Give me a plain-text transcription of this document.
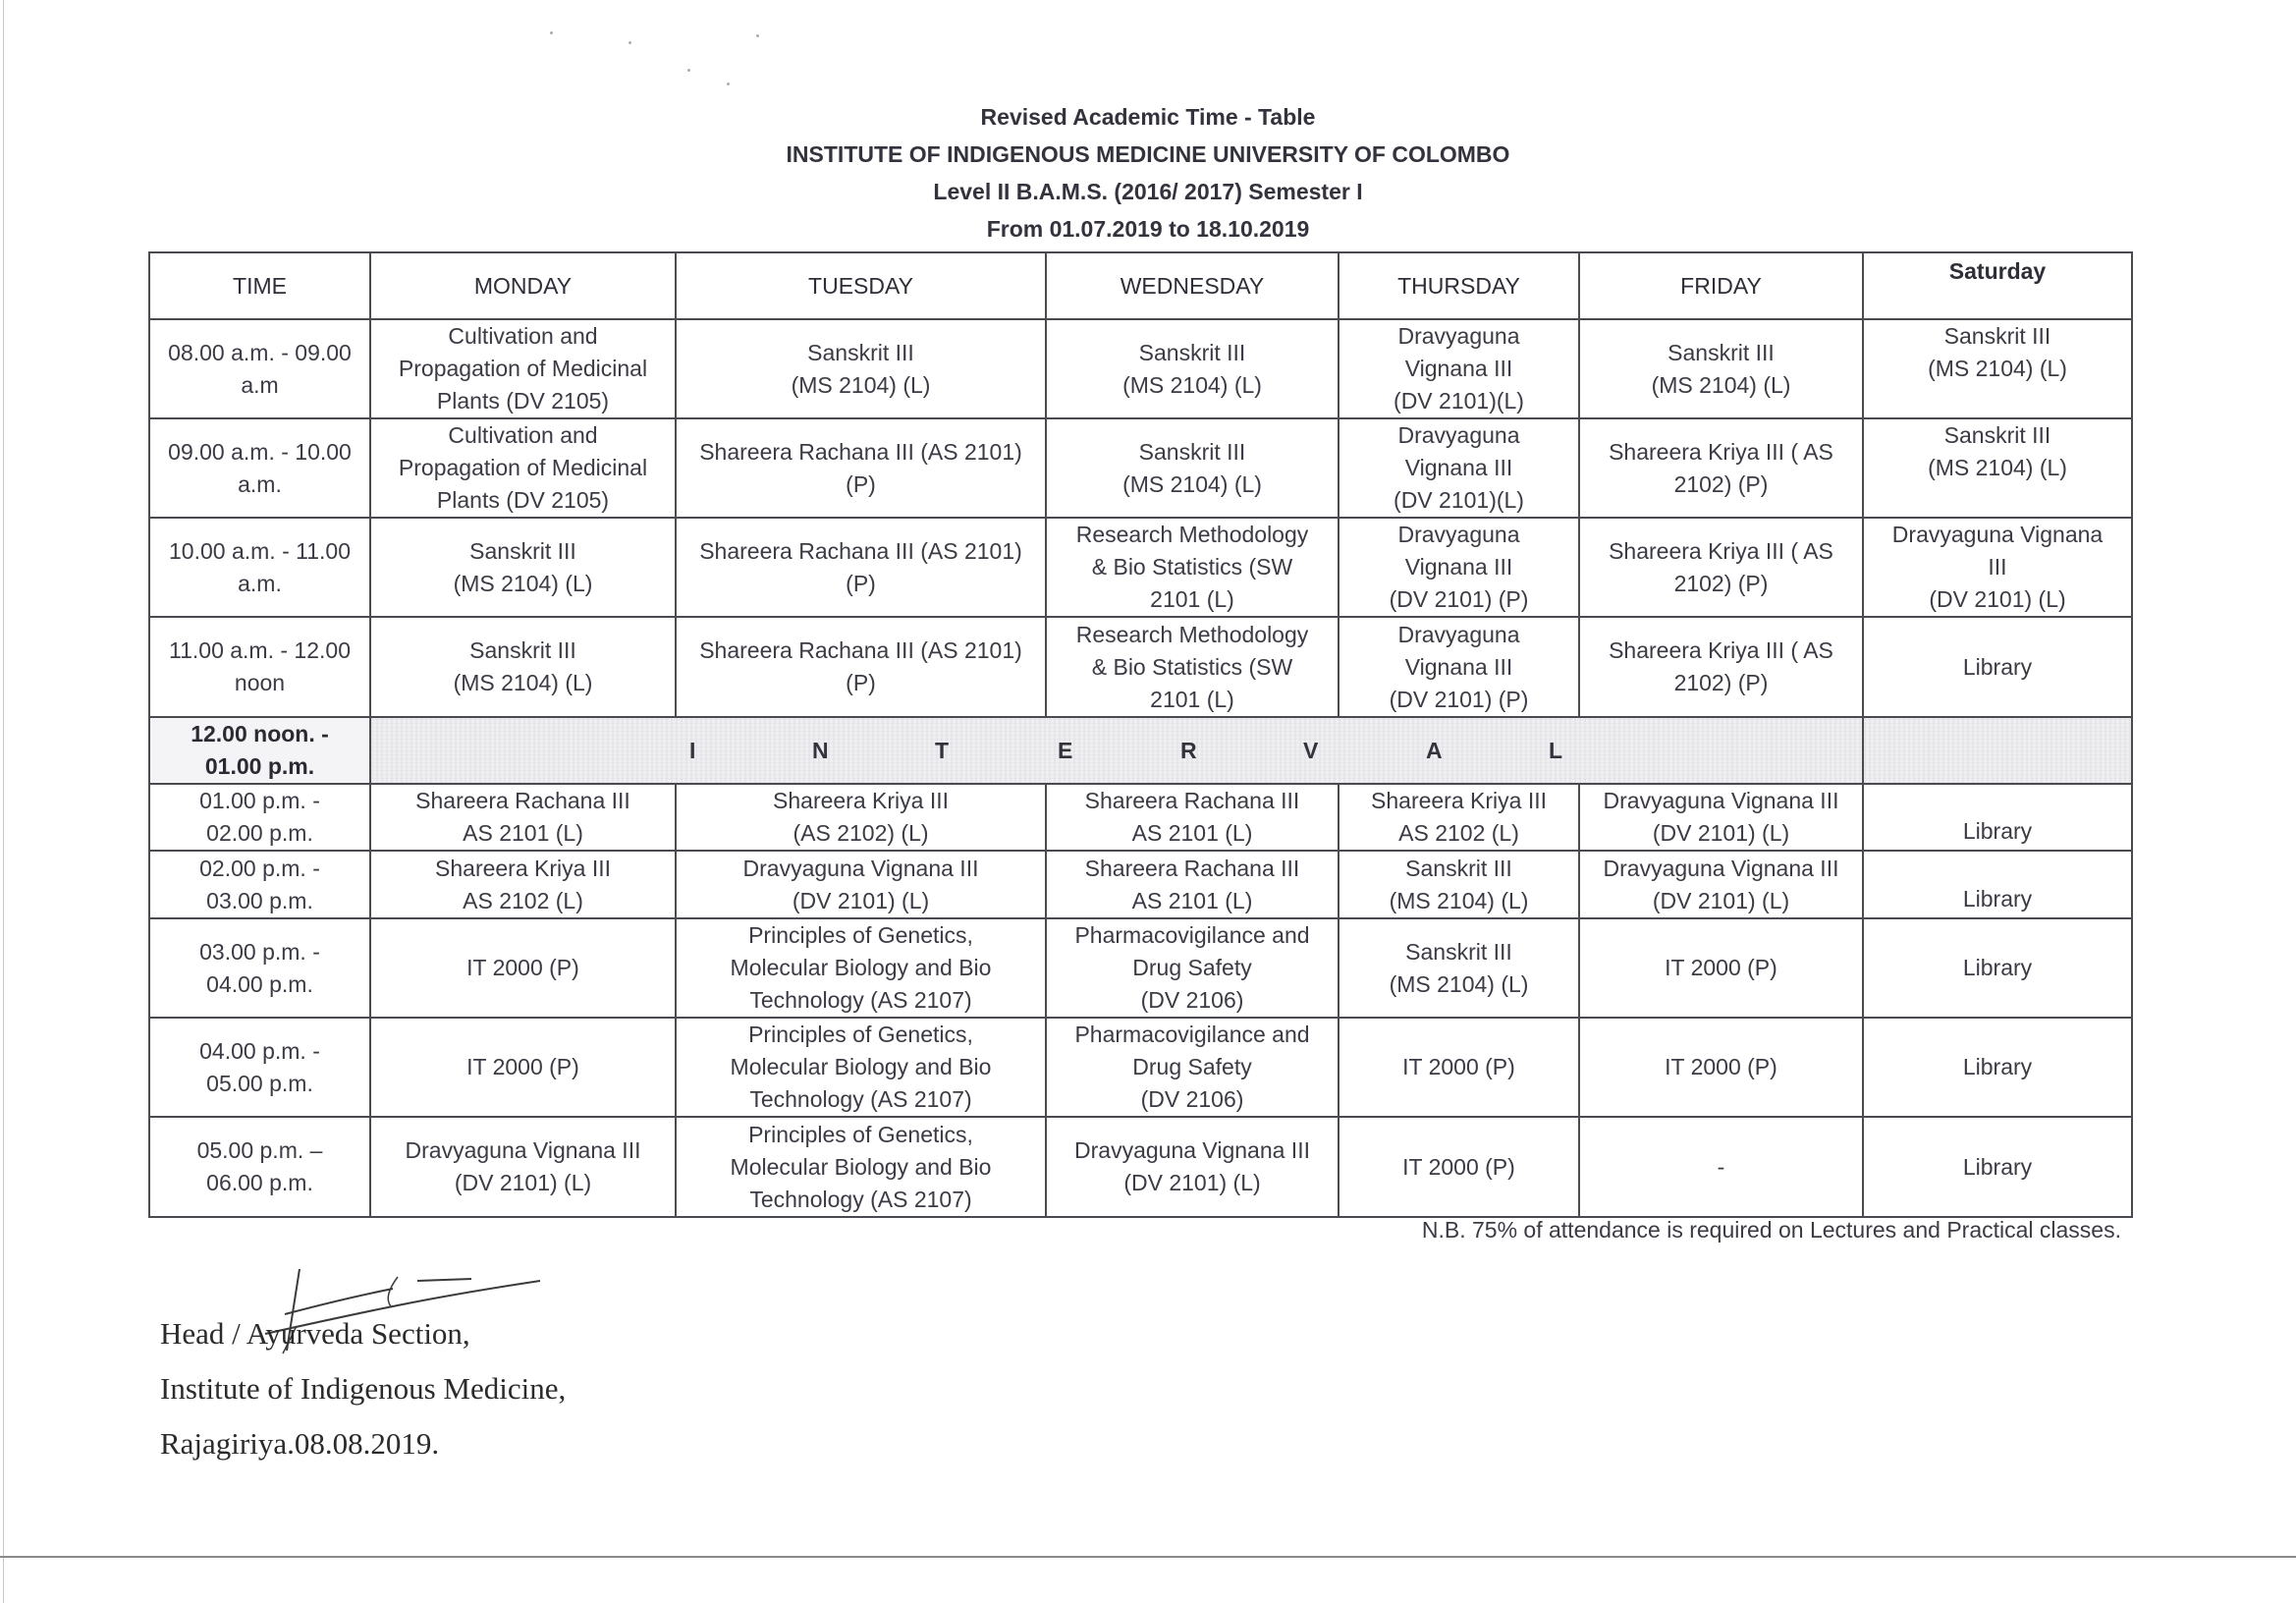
Revised Academic Time - Table
INSTITUTE OF INDIGENOUS MEDICINE UNIVERSITY OF COLOMBO
Level II B.A.M.S. (2016/ 2017) Semester I
From 01.07.2019 to 18.10.2019
TIME	MONDAY	TUESDAY	WEDNESDAY	THURSDAY	FRIDAY	Saturday

08.00 a.m. - 09.00
a.m	Cultivation and
Propagation of Medicinal
Plants (DV 2105)	Sanskrit III
(MS 2104) (L)	Sanskrit III
(MS 2104) (L)	Dravyaguna
Vignana III
(DV 2101)(L)	Sanskrit III
(MS 2104) (L)	Sanskrit III
(MS 2104) (L)

09.00 a.m. - 10.00
a.m.	Cultivation and
Propagation of Medicinal
Plants (DV 2105)	Shareera Rachana III (AS 2101)
(P)	Sanskrit III
(MS 2104) (L)	Dravyaguna
Vignana III
(DV 2101)(L)	Shareera Kriya III ( AS
2102) (P)	Sanskrit III
(MS 2104) (L)

10.00 a.m. - 11.00
a.m.	Sanskrit III
(MS 2104) (L)	Shareera Rachana III (AS 2101)
(P)	Research Methodology
& Bio Statistics (SW
2101 (L)	Dravyaguna
Vignana III
(DV 2101) (P)	Shareera Kriya III ( AS
2102) (P)	Dravyaguna Vignana
III
(DV 2101) (L)

11.00 a.m. - 12.00
noon	Sanskrit III
(MS 2104) (L)	Shareera Rachana III (AS 2101)
(P)	Research Methodology
& Bio Statistics (SW
2101 (L)	Dravyaguna
Vignana III
(DV 2101) (P)	Shareera Kriya III ( AS
2102) (P)	Library

12.00 noon. -
01.00 p.m.

I	N	T	E	R	V	A	L

01.00 p.m. -
02.00 p.m.	Shareera Rachana III
AS 2101 (L)	Shareera Kriya III
(AS 2102) (L)	Shareera Rachana III
AS 2101 (L)	Shareera Kriya III
AS 2102 (L)	Dravyaguna Vignana III
(DV 2101) (L)	Library

02.00 p.m. -
03.00 p.m.	Shareera Kriya III
AS 2102 (L)	Dravyaguna Vignana III
(DV 2101) (L)	Shareera Rachana III
AS 2101 (L)	Sanskrit III
(MS 2104) (L)	Dravyaguna Vignana III
(DV 2101) (L)	Library

03.00 p.m. -
04.00 p.m.	IT 2000 (P)	Principles of Genetics,
Molecular Biology and Bio
Technology (AS 2107)	Pharmacovigilance and
Drug Safety
(DV 2106)	Sanskrit III
(MS 2104) (L)	IT 2000 (P)	Library

04.00 p.m. -
05.00 p.m.	IT 2000 (P)	Principles of Genetics,
Molecular Biology and Bio
Technology (AS 2107)	Pharmacovigilance and
Drug Safety
(DV 2106)	IT 2000 (P)	IT 2000 (P)	Library

05.00 p.m. –
06.00 p.m.	Dravyaguna Vignana III
(DV 2101) (L)	Principles of Genetics,
Molecular Biology and Bio
Technology (AS 2107)	Dravyaguna Vignana III
(DV 2101) (L)	IT 2000 (P)	-	Library
N.B. 75% of attendance is required on Lectures and Practical classes.
Head / Ayurveda Section,
Institute of Indigenous Medicine,
Rajagiriya.08.08.2019.
